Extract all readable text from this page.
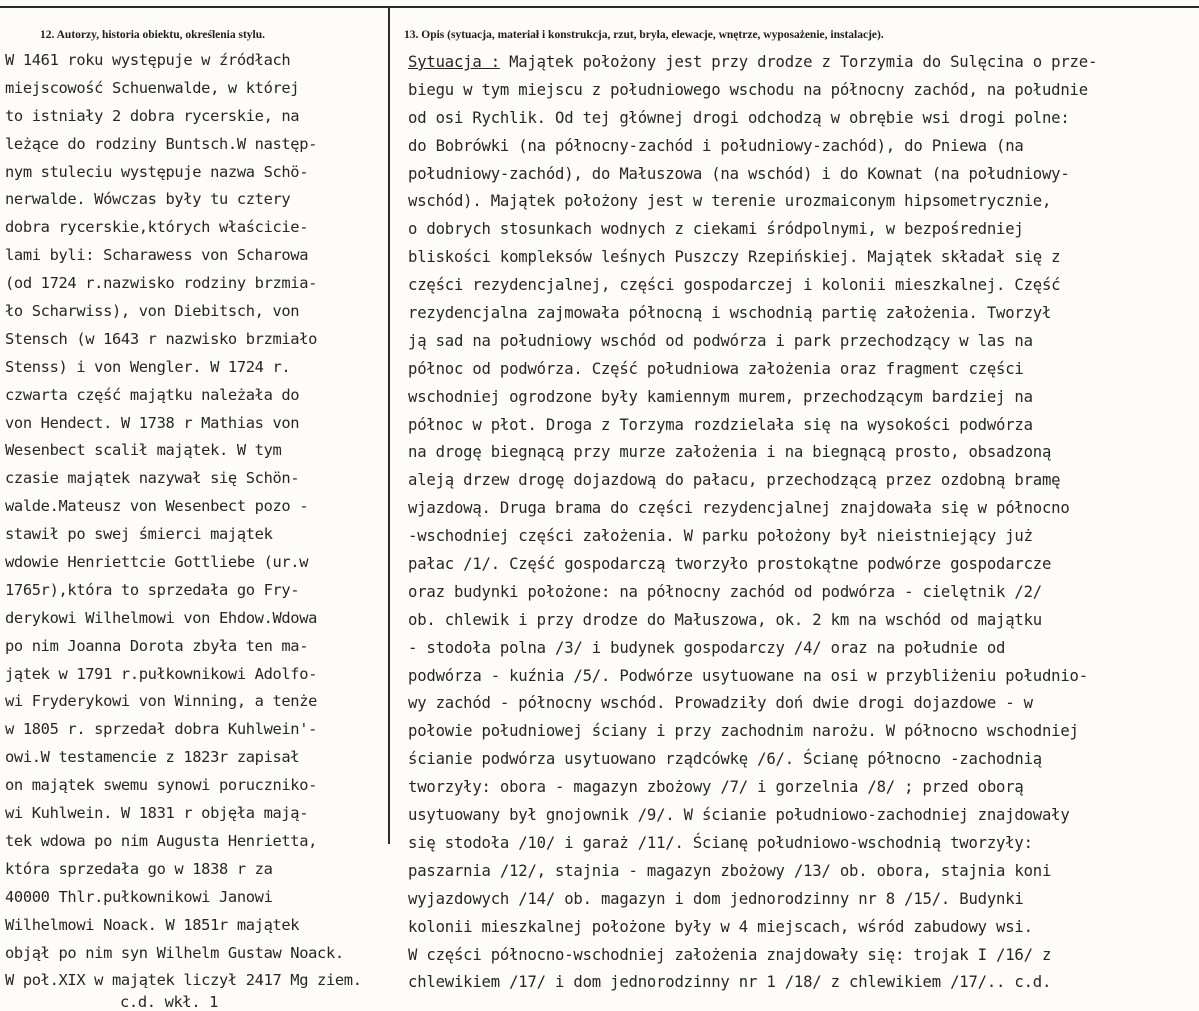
12. Autorzy, historia obiektu, określenia stylu.	13. Opis (sytuacja, materiał i konstrukcja, rzut, bryła, elewacje, wnętrze, wyposażenie, instalacje).
W 1461 roku występuje w źródłach
miejscowość Schuenwalde, w której
to istniały 2 dobra rycerskie, na
leżące do rodziny Buntsch.W następ-
nym stuleciu występuje nazwa Schö-
nerwalde. Wówczas były tu cztery
dobra rycerskie,których właściciе-
lami byli: Scharawess von Scharowa
(od 1724 r.nazwisko rodziny brzmia-
ło Scharwiss), von Diebitsch, von
Stensch (w 1643 r nazwisko brzmiało
Stenss) i von Wengler. W 1724 r.
czwarta część majątku należała do
von Hendect. W 1738 r Mathias von
Wesenbect scalił majątek. W tym
czasie majątek nazywał się Schön-
walde.Mateusz von Wesenbect pozo -
stawił po swej śmierci majątek
wdowie Henriettcie Gottliebe (ur.w
1765r),która to sprzedała go Fry-
derykowi Wilhelmowi von Ehdow.Wdowa
po nim Joanna Dorota zbyła ten ma-
jątek w 1791 r.pułkownikowi Adolfo-
wi Fryderykowi von Winning, a tenże
w 1805 r. sprzedał dobra Kuhlwein'-
owi.W testamencie z 1823r zapisał
on majątek swemu synowi poruczniko-
wi Kuhlwein. W 1831 r objęła mają-
tek wdowa po nim Augusta Henrietta,
która sprzedała go w 1838 r za
40000 Thlr.pułkownikowi Janowi
Wilhelmowi Noack. W 1851r majątek
objął po nim syn Wilhelm Gustaw Noack.
W poł.XIX w majątek liczył 2417 Mg ziem.
c.d. wkł. 1
Sytuacja : Majątek położony jest przy drodze z Torzymia do Sulęcina o prze-
biegu w tym miejscu z południowego wschodu na północny zachód, na południe
od osi Rychlik. Od tej głównej drogi odchodzą w obrębie wsi drogi polne:
do Bobrówki (na północny-zachód i południowy-zachód), do Pniewa (na
południowy-zachód), do Małuszowa (na wschód) i do Kownat (na południowy-
wschód). Majątek położony jest w terenie urozmaiconym hipsometrycznie,
o dobrych stosunkach wodnych z ciekami śródpolnymi, w bezpośredniej
bliskości kompleksów leśnych Puszczy Rzepińskiej. Majątek składał się z
części rezydencjalnej, części gospodarczej i kolonii mieszkalnej. Część
rezydencjalna zajmowała północną i wschodnią partię założenia. Tworzył
ją sad na południowy wschód od podwórza i park przechodzący w las na
północ od podwórza. Część południowa założenia oraz fragment części
wschodniej ogrodzone były kamiennym murem, przechodzącym bardziej na
północ w płot. Droga z Torzyma rozdzielała się na wysokości podwórza
na drogę biegnącą przy murze założenia i na biegnącą prosto, obsadzoną
aleją drzew drogę dojazdową do pałacu, przechodzącą przez ozdobną bramę
wjazdową. Druga brama do części rezydencjalnej znajdowała się w północno
-wschodniej części założenia. W parku położony był nieistniejący już
pałac /1/. Część gospodarczą tworzyło prostokątne podwórze gospodarcze
oraz budynki położone: na północny zachód od podwórza - cielętnik /2/
ob. chlewik i przy drodze do Małuszowa, ok. 2 km na wschód od majątku
- stodoła polna /3/ i budynek gospodarczy /4/ oraz na południe od
podwórza - kuźnia /5/. Podwórze usytuowane na osi w przybliżeniu południo-
wy zachód - północny wschód. Prowadziły doń dwie drogi dojazdowe - w
połowie południowej ściany i przy zachodnim narożu. W północno wschodniej
ścianie podwórza usytuowano rządcówkę /6/. Ścianę północno -zachodnią
tworzyły: obora - magazyn zbożowy /7/ i gorzelnia /8/ ; przed oborą
usytuowany był gnojownik /9/. W ścianie południowo-zachodniej znajdowały
się stodoła /10/ i garaż /11/. Ścianę południowo-wschodnią tworzyły:
paszarnia /12/, stajnia - magazyn zbożowy /13/ ob. obora, stajnia koni
wyjazdowych /14/ ob. magazyn i dom jednorodzinny nr 8 /15/. Budynki
kolonii mieszkalnej położone były w 4 miejscach, wśród zabudowy wsi.
W części północno-wschodniej założenia znajdowały się: trojak I /16/ z
chlewikiem /17/ i dom jednorodzinny nr 1 /18/ z chlewikiem /17/.. c.d.
